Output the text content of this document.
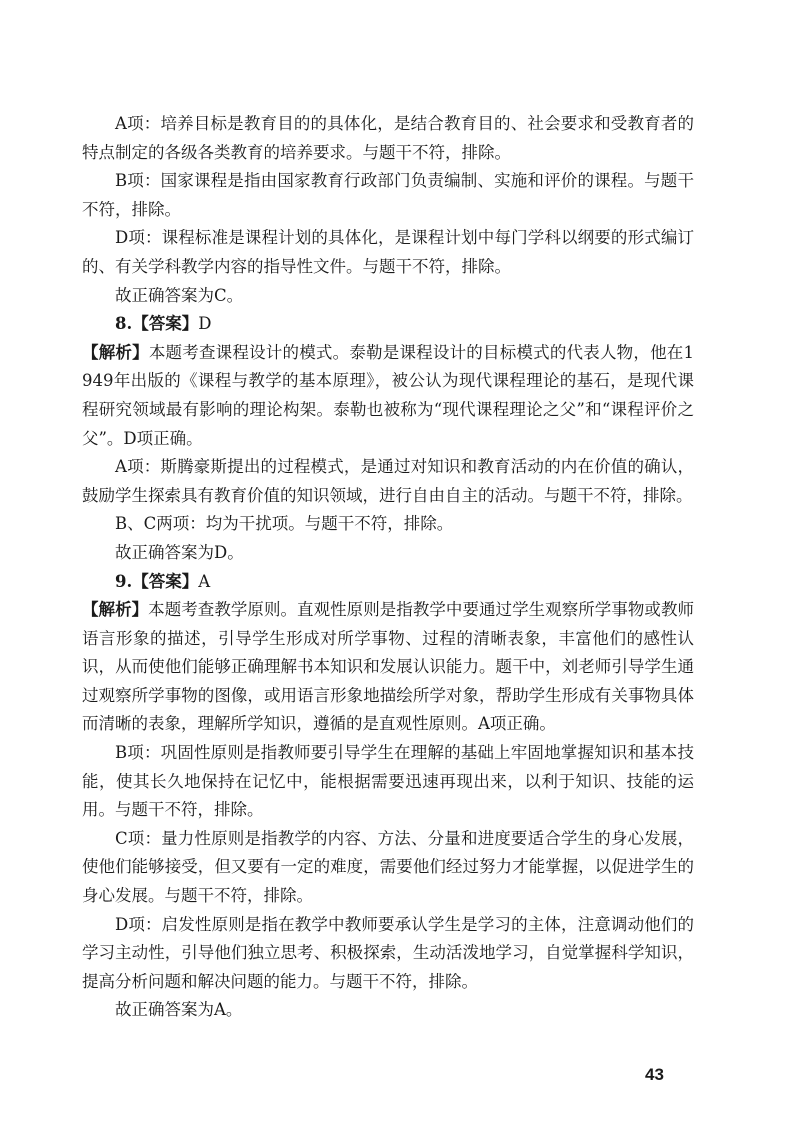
A项：培养目标是教育目的的具体化，是结合教育目的、社会要求和受教育者的特点制定的各级各类教育的培养要求。与题干不符，排除。

B项：国家课程是指由国家教育行政部门负责编制、实施和评价的课程。与题干不符，排除。

D项：课程标准是课程计划的具体化，是课程计划中每门学科以纲要的形式编订的、有关学科教学内容的指导性文件。与题干不符，排除。

故正确答案为C。

8.【答案】D

【解析】本题考查课程设计的模式。泰勒是课程设计的目标模式的代表人物，他在1949年出版的《课程与教学的基本原理》，被公认为现代课程理论的基石，是现代课程研究领域最有影响的理论构架。泰勒也被称为“现代课程理论之父”和“课程评价之父”。D项正确。

A项：斯腾豪斯提出的过程模式，是通过对知识和教育活动的内在价值的确认，鼓励学生探索具有教育价值的知识领域，进行自由自主的活动。与题干不符，排除。

B、C两项：均为干扰项。与题干不符，排除。

故正确答案为D。

9.【答案】A

【解析】本题考查教学原则。直观性原则是指教学中要通过学生观察所学事物或教师语言形象的描述，引导学生形成对所学事物、过程的清晰表象，丰富他们的感性认识，从而使他们能够正确理解书本知识和发展认识能力。题干中，刘老师引导学生通过观察所学事物的图像，或用语言形象地描绘所学对象，帮助学生形成有关事物具体而清晰的表象，理解所学知识，遵循的是直观性原则。A项正确。

B项：巩固性原则是指教师要引导学生在理解的基础上牢固地掌握知识和基本技能，使其长久地保持在记忆中，能根据需要迅速再现出来，以利于知识、技能的运用。与题干不符，排除。

C项：量力性原则是指教学的内容、方法、分量和进度要适合学生的身心发展，使他们能够接受，但又要有一定的难度，需要他们经过努力才能掌握，以促进学生的身心发展。与题干不符，排除。

D项：启发性原则是指在教学中教师要承认学生是学习的主体，注意调动他们的学习主动性，引导他们独立思考、积极探索，生动活泼地学习，自觉掌握科学知识，提高分析问题和解决问题的能力。与题干不符，排除。

故正确答案为A。

43
